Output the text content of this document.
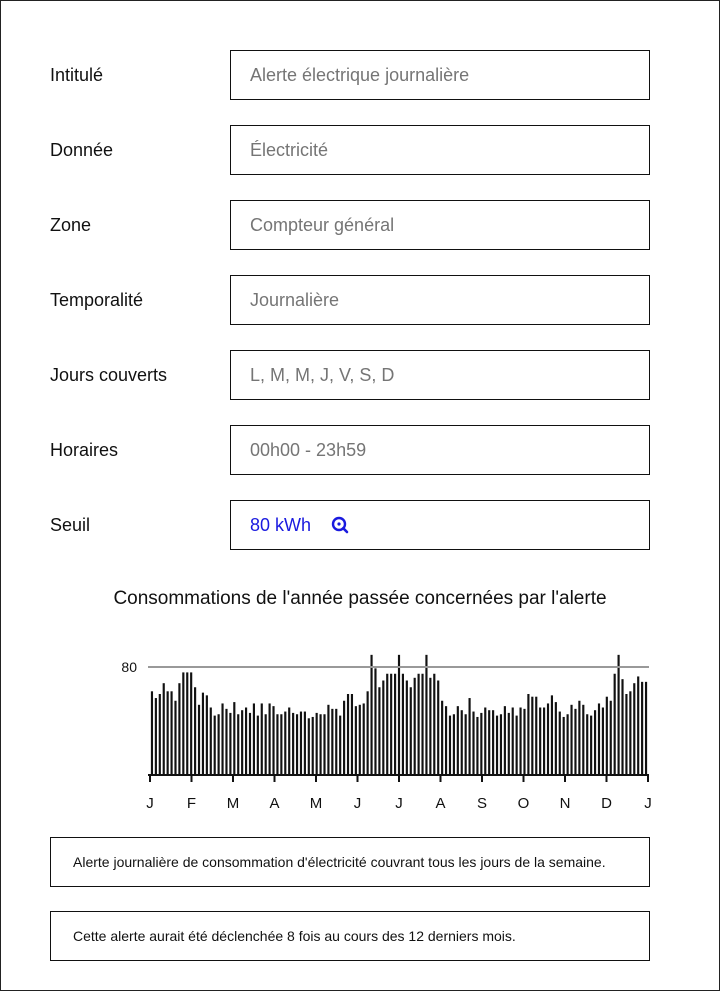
Intitulé
Alerte électrique journalière
Donnée
Électricité
Zone
Compteur général
Temporalité
Journalière
Jours couverts
L, M, M, J, V, S, D
Horaires
00h00 - 23h59
Seuil	80 kWh
Consommations de l'année passée concernées par l'alerte
80
J F M A M J J A S O N D J
Alerte journalière de consommation d'électricité couvrant tous les jours de la semaine.
Cette alerte aurait été déclenchée 8 fois au cours des 12 derniers mois.
